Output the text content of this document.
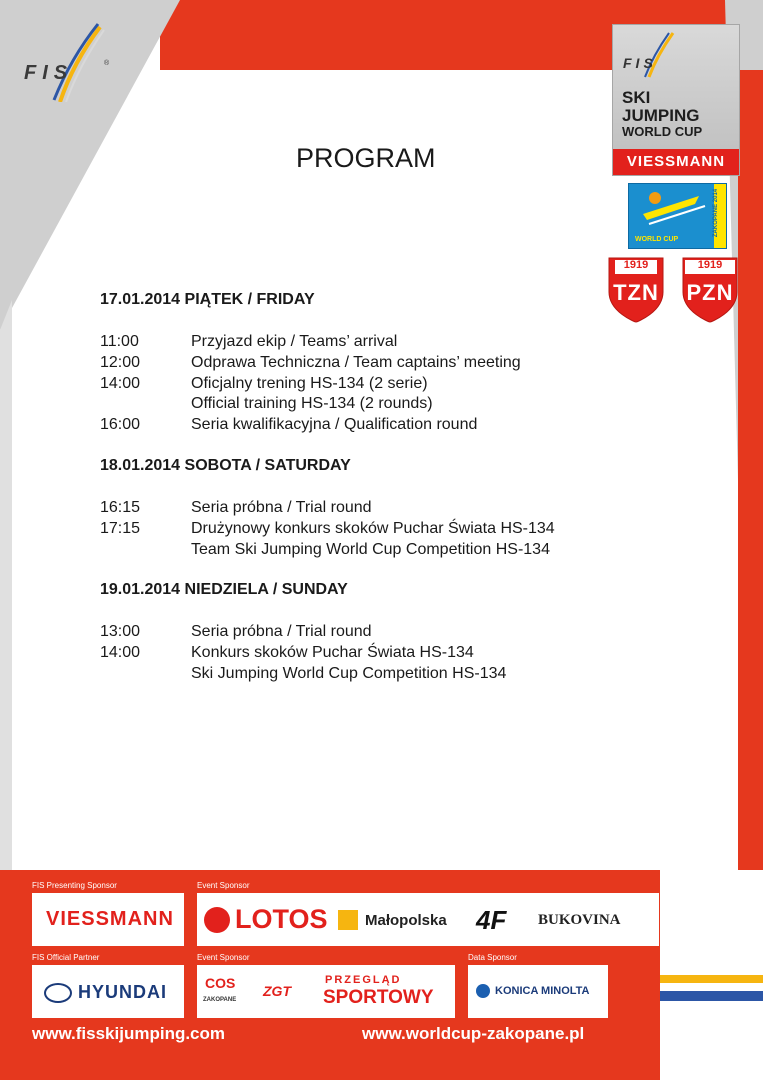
FIS	®
PROGRAM
FIS
SKI
JUMPING
WORLD CUP
VIESSMANN
WORLD CUP
ZAKOPANE 2014
1919
TZN
1919
PZN
17.01.2014 PIĄTEK / FRIDAY
11:00	Przyjazd ekip / Teams’ arrival
12:00	Odprawa Techniczna / Team captains’ meeting
14:00	Oficjalny trening HS-134 (2 serie)
Official training HS-134 (2 rounds)
16:00	Seria kwalifikacyjna / Qualification round
18.01.2014 SOBOTA / SATURDAY
16:15	Seria próbna / Trial round
17:15	Drużynowy konkurs skoków Puchar Świata HS-134
Team Ski Jumping World Cup Competition HS-134
19.01.2014 NIEDZIELA / SUNDAY
13:00	Seria próbna / Trial round
14:00	Konkurs skoków Puchar Świata HS-134
Ski Jumping World Cup Competition HS-134
FIS Presenting Sponsor	Event Sponsor
FIS Official Partner	Event Sponsor	Data Sponsor
VIESSMANN LOTOS Małopolska 4F BUKOVINA
HYUNDAI	COS
ZAKOPANE
ZGT
PRZEGLĄD
SPORTOWY	KONICA MINOLTA
www.fisskijumping.com	www.worldcup-zakopane.pl
